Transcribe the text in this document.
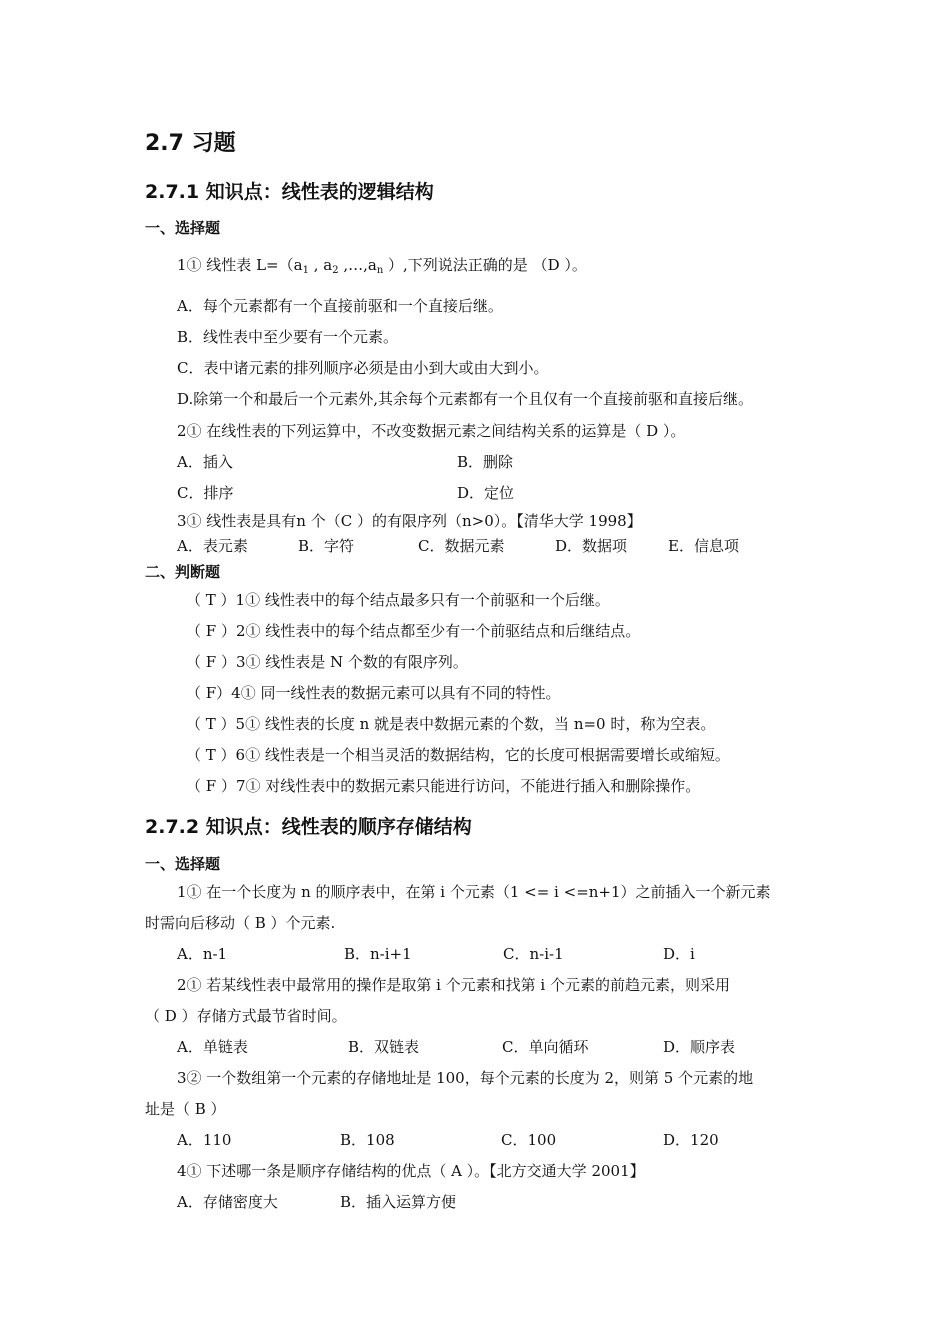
2.7 习题
2.7.1 知识点：线性表的逻辑结构
一、选择题
1① 线性表 $L=(a_1$ , $a_2$ $,\dots,a_n$ ）,下列说法正确的是 （D ）。
A．每个元素都有一个直接前驱和一个直接后继。
B．线性表中至少要有一个元素。
C．表中诸元素的排列顺序必须是由小到大或由大到小。
D.除第一个和最后一个元素外,其余每个元素都有一个且仅有一个直接前驱和直接后继。
2① 在线性表的下列运算中，不改变数据元素之间结构关系的运算是（ D ）。
A．插入	B．删除
C．排序	D．定位
3① 线性表是具有n 个（C ）的有限序列（n>0）。【清华大学 1998】
A．表元素	B．字符	C．数据元素	D．数据项	E．信息项
二、判断题
（ T ）1① 线性表中的每个结点最多只有一个前驱和一个后继。
（ F ）2① 线性表中的每个结点都至少有一个前驱结点和后继结点。
（ F ）3① 线性表是 N 个数的有限序列。
（ F）4① 同一线性表的数据元素可以具有不同的特性。
（ T ）5① 线性表的长度 n 就是表中数据元素的个数，当 n=0 时，称为空表。
（ T ）6① 线性表是一个相当灵活的数据结构，它的长度可根据需要增长或缩短。
（ F ）7① 对线性表中的数据元素只能进行访问，不能进行插入和删除操作。
2.7.2 知识点：线性表的顺序存储结构
一、选择题
1① 在一个长度为 n 的顺序表中，在第 i 个元素（1 <= i <=n+1）之前插入一个新元素
时需向后移动（ B ）个元素.
A．n-1	B．n-i+1	C．n-i-1	D．i
2① 若某线性表中最常用的操作是取第 i 个元素和找第 i 个元素的前趋元素，则采用
（ D ）存储方式最节省时间。
A．单链表	B．双链表	C．单向循环	D．顺序表
3② 一个数组第一个元素的存储地址是 100，每个元素的长度为 2，则第 5 个元素的地
址是（ B ）
A．110	B．108	C．100	D．120
4① 下述哪一条是顺序存储结构的优点（ A ）。【北方交通大学 2001】
A．存储密度大	B．插入运算方便
